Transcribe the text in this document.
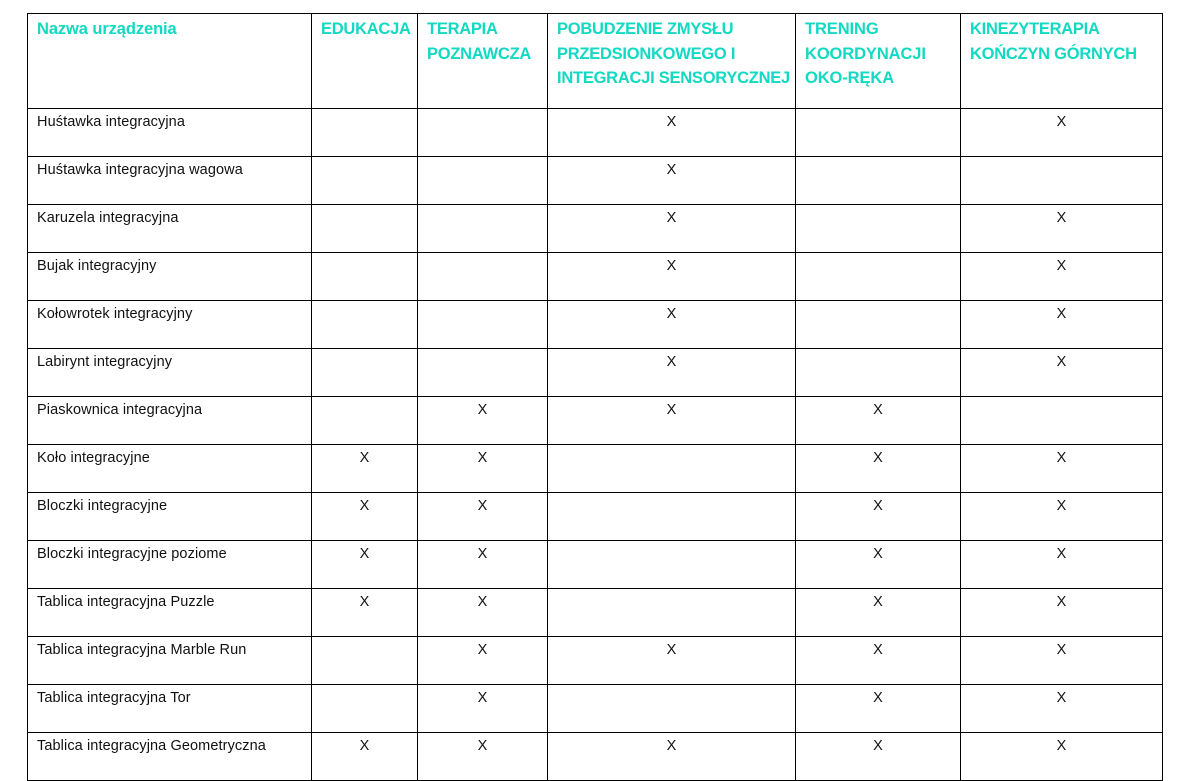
Nazwa urządzenia	EDUKACJA	TERAPIA POZNAWCZA	POBUDZENIE ZMYSŁU PRZEDSIONKOWEGO I INTEGRACJI SENSORYCZNEJ	TRENING KOORDYNACJI OKO-RĘKA	KINEZYTERAPIA KOŃCZYN GÓRNYCH
Huśtawka integracyjna			X		X
Huśtawka integracyjna wagowa			X		
Karuzela integracyjna			X		X
Bujak integracyjny			X		X
Kołowrotek integracyjny			X		X
Labirynt integracyjny			X		X
Piaskownica integracyjna		X	X	X	
Koło integracyjne	X	X		X	X
Bloczki integracyjne	X	X		X	X
Bloczki integracyjne poziome	X	X		X	X
Tablica integracyjna Puzzle	X	X		X	X
Tablica integracyjna Marble Run		X	X	X	X
Tablica integracyjna Tor		X		X	X
Tablica integracyjna Geometryczna	X	X	X	X	X
